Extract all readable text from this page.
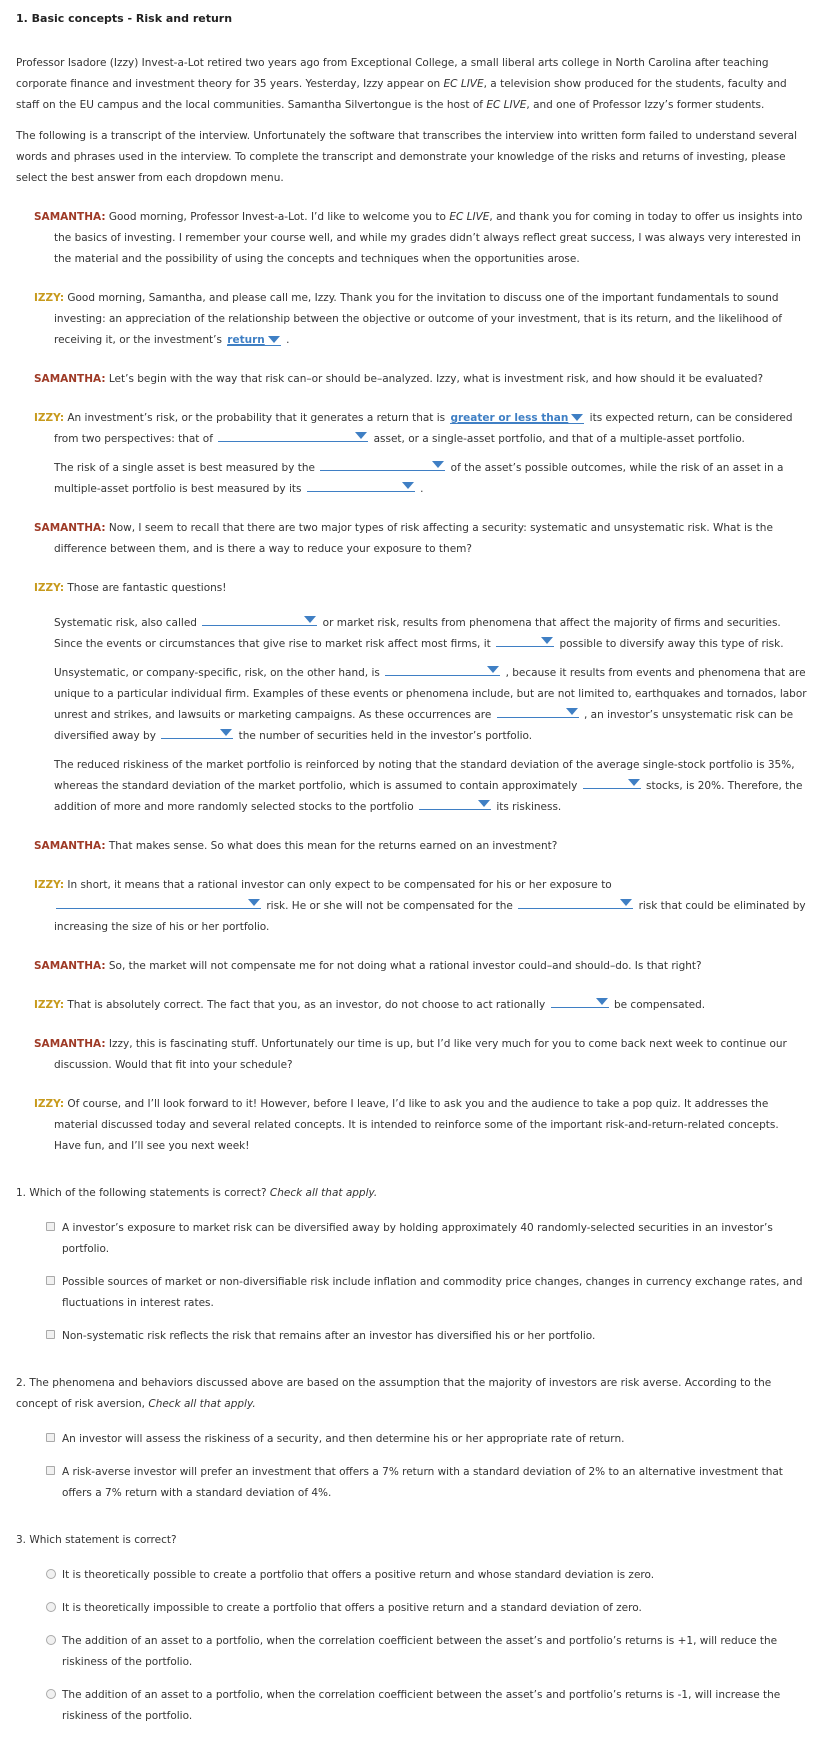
1. Basic concepts - Risk and return

Professor Isadore (Izzy) Invest-a-Lot retired two years ago from Exceptional College, a small liberal arts college in North Carolina after teaching corporate finance and investment theory for 35 years. Yesterday, Izzy appear on EC LIVE, a television show produced for the students, faculty and staff on the EU campus and the local communities. Samantha Silvertongue is the host of EC LIVE, and one of Professor Izzy’s former students.

The following is a transcript of the interview. Unfortunately the software that transcribes the interview into written form failed to understand several words and phrases used in the interview. To complete the transcript and demonstrate your knowledge of the risks and returns of investing, please select the best answer from each dropdown menu.

SAMANTHA: Good morning, Professor Invest-a-Lot. I’d like to welcome you to EC LIVE, and thank you for coming in today to offer us insights into the basics of investing. I remember your course well, and while my grades didn’t always reflect great success, I was always very interested in the material and the possibility of using the concepts and techniques when the opportunities arose.
IZZY: Good morning, Samantha, and please call me, Izzy. Thank you for the invitation to discuss one of the important fundamentals to sound investing: an appreciation of the relationship between the objective or outcome of your investment, that is its return, and the likelihood of receiving it, or the investment’s return .
SAMANTHA: Let’s begin with the way that risk can–or should be–analyzed. Izzy, what is investment risk, and how should it be evaluated?
IZZY: An investment’s risk, or the probability that it generates a return that is greater or less than
its expected return, can be considered from two perspectives: that of	asset, or a single-asset portfolio, and that of a multiple-asset portfolio.
The risk of a single asset is best measured by the	of the asset’s possible outcomes, while the risk of an asset in a multiple-asset portfolio is best measured by its	.
SAMANTHA: Now, I seem to recall that there are two major types of risk affecting a security: systematic and unsystematic risk. What is the difference between them, and is there a way to reduce your exposure to them?
IZZY: Those are fantastic questions!
Systematic risk, also called	or market risk, results from phenomena that affect the majority of firms and securities. Since the events or circumstances that give rise to market risk affect most firms, it	possible to diversify away this type of risk.
Unsystematic, or company-specific, risk, on the other hand, is	, because it results from events and phenomena that are unique to a particular individual firm. Examples of these events or phenomena include, but are not limited to, earthquakes and tornados, labor unrest and strikes, and lawsuits or marketing campaigns. As these occurrences are	, an investor’s unsystematic risk can be diversified away by	the number of securities held in the investor’s portfolio.
The reduced riskiness of the market portfolio is reinforced by noting that the standard deviation of the average single-stock portfolio is 35%, whereas the standard deviation of the market portfolio, which is assumed to contain approximately	stocks, is 20%. Therefore, the addition of more and more randomly selected stocks to the portfolio	its riskiness.
SAMANTHA: That makes sense. So what does this mean for the returns earned on an investment?
IZZY: In short, it means that a rational investor can only expect to be compensated for his or her exposure to
risk. He or she will not be compensated for the	risk that could be eliminated by increasing the size of his or her portfolio.
SAMANTHA: So, the market will not compensate me for not doing what a rational investor could–and should–do. Is that right?
IZZY: That is absolutely correct. The fact that you, as an investor, do not choose to act rationally	be compensated.
SAMANTHA: Izzy, this is fascinating stuff. Unfortunately our time is up, but I’d like very much for you to come back next week to continue our discussion. Would that fit into your schedule?
IZZY: Of course, and I’ll look forward to it! However, before I leave, I’d like to ask you and the audience to take a pop quiz. It addresses the material discussed today and several related concepts. It is intended to reinforce some of the important risk-and-return-related concepts. Have fun, and I’ll see you next week!
1. Which of the following statements is correct? Check all that apply.
A investor’s exposure to market risk can be diversified away by holding approximately 40 randomly-selected securities in an investor’s portfolio.
Possible sources of market or non-diversifiable risk include inflation and commodity price changes, changes in currency exchange rates, and fluctuations in interest rates.
Non-systematic risk reflects the risk that remains after an investor has diversified his or her portfolio.
2. The phenomena and behaviors discussed above are based on the assumption that the majority of investors are risk averse. According to the concept of risk aversion, Check all that apply.
An investor will assess the riskiness of a security, and then determine his or her appropriate rate of return.
A risk-averse investor will prefer an investment that offers a 7% return with a standard deviation of 2% to an alternative investment that offers a 7% return with a standard deviation of 4%.
3. Which statement is correct?
It is theoretically possible to create a portfolio that offers a positive return and whose standard deviation is zero.
It is theoretically impossible to create a portfolio that offers a positive return and a standard deviation of zero.
The addition of an asset to a portfolio, when the correlation coefficient between the asset’s and portfolio’s returns is +1, will reduce the riskiness of the portfolio.
The addition of an asset to a portfolio, when the correlation coefficient between the asset’s and portfolio’s returns is -1, will increase the riskiness of the portfolio.
